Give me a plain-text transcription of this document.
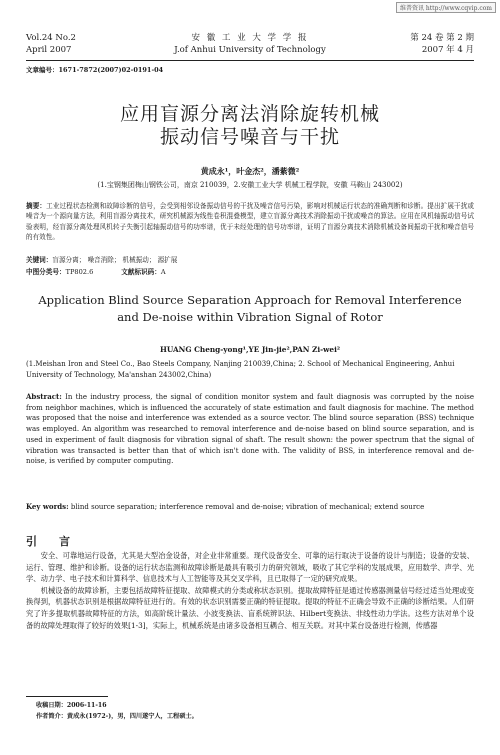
维普资讯 http://www.cqvip.com
Vol.24 No.2
April 2007
安 徽 工 业 大 学 学 报
J.of Anhui University of Technology
第 24 卷 第 2 期
2007 年 4 月
文章编号：1671-7872(2007)02-0191-04
应用盲源分离法消除旋转机械
振动信号噪音与干扰
黄成永¹，叶金杰²，潘紫微²
(1.宝钢集团梅山钢铁公司，南京 210039，2.安徽工业大学 机械工程学院，安徽 马鞍山 243002)
摘要：工业过程状态检测和故障诊断的信号，会受到相邻设备振动信号的干扰及噪音信号污染，影响对机械运行状态的准确判断和诊断。提出扩展干扰或噪音为一个源向量方法，利用盲源分离技术，研究机械源为线性卷积混叠模型，建立盲源分离技术消除振动干扰或噪音的算法。应用在风机轴振动信号试验表明，经盲源分离处理风机转子失衡引起轴振动信号的功率谱，优于未经处理的信号功率谱，证明了盲源分离技术消除机械设备间振动干扰和噪音信号的有效性。
关键词：盲源分离； 噪音消除； 机械振动； 源扩展
中图分类号：TP802.6	文献标识码：A
Application Blind Source Separation Approach for Removal Interference
and De-noise within Vibration Signal of Rotor
HUANG Cheng-yong¹,YE Jin-jie²,PAN Zi-wei²
(1.Meishan Iron and Steel Co., Bao Steels Company, Nanjing 210039,China; 2. School of Mechanical Engineering, Anhui University of Technology, Ma'anshan 243002,China)
Abstract: In the industry process, the signal of condition monitor system and fault diagnosis was corrupted by the noise from neighbor machines, which is influenced the accurately of state estimation and fault diagnosis for machine. The method was proposed that the noise and interference was extended as a source vector. The blind source separation (BSS) technique was employed. An algorithm was researched to removal interference and de-noise based on blind source separation, and is used in experiment of fault diagnosis for vibration signal of shaft. The result shown: the power spectrum that the signal of vibration was transacted is better than that of which isn't done with. The validity of BSS, in interference removal and de-noise, is verified by computer computing.
Key words: blind source separation; interference removal and de-noise; vibration of mechanical; extend source
引 言

安全、可靠地运行设备，尤其是大型冶金设备，对企业非常重要。现代设备安全、可靠的运行取决于设备的设计与制造；设备的安装、运行、管理、维护和诊断。设备的运行状态监测和故障诊断是最具有吸引力的研究领域，吸收了其它学科的发展成果，应用数学、声学、光学、动力学、电子技术和计算科学、信息技术与人工智能等及其交叉学科，且已取得了一定的研究成果。

机械设备的故障诊断，主要包括故障特征提取、故障模式的分类或称状态识别。提取故障特征是通过传感器测量信号经过适当处理或变换得到，机器状态识别是根据故障特征进行的。有效的状态识别需要正确的特征提取。提取的特征不正确会导致不正确的诊断结果。人们研究了许多提取机器故障特征的方法，如高阶统计量法、小波变换法、盲系统辨识法、Hilbert变换法、非线性动力学法。这些方法对单个设备的故障处理取得了较好的效果[1-3]，实际上，机械系统是由诸多设备相互耦合、相互关联。对其中某台设备进行检测，传感器

收稿日期：2006-11-16
作者简介：黄成永(1972-)，男，四川遂宁人，工程硕士。
